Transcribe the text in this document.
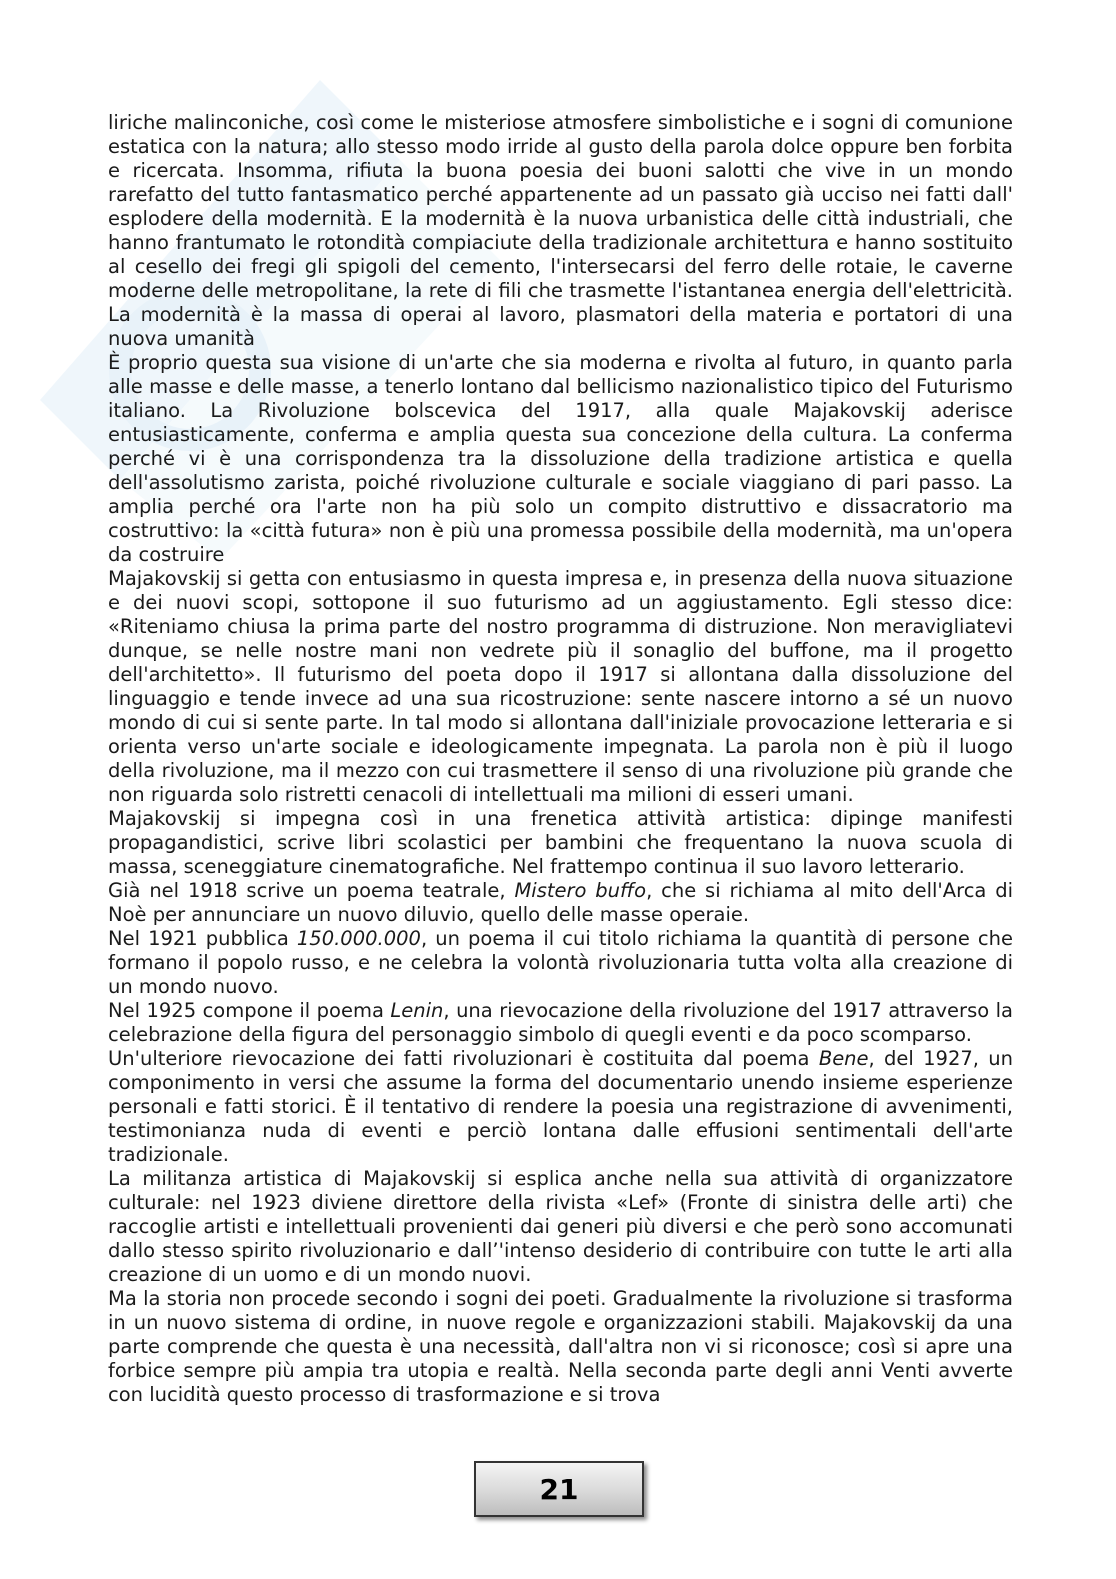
liriche malinconiche, così come le misteriose atmosfere simbolistiche e i sogni di comunione estatica con la natura; allo stesso modo irride al gusto della parola dolce oppure ben forbita e ricercata. Insomma, rifiuta la buona poesia dei buoni salotti che vive in un mondo rarefatto del tutto fantasmatico perché appartenente ad un passato già ucciso nei fatti dall' esplodere della modernità. E la modernità è la nuova urbanistica delle città industriali, che hanno frantumato le rotondità compiaciute della tradizionale architettura e hanno sostituito al cesello dei fregi gli spigoli del cemento, l'intersecarsi del ferro delle rotaie, le caverne moderne delle metropolitane, la rete di fili che trasmette l'istantanea energia dell'elettricità. La modernità è la massa di operai al lavoro, plasmatori della materia e portatori di una nuova umanità

È proprio questa sua visione di un'arte che sia moderna e rivolta al futuro, in quanto parla alle masse e delle masse, a tenerlo lontano dal bellicismo nazionalistico tipico del Futurismo italiano. La Rivoluzione bolscevica del 1917, alla quale Majakovskij aderisce entusiasticamente, conferma e amplia questa sua concezione della cultura. La conferma perché vi è una corrispondenza tra la dissoluzione della tradizione artistica e quella dell'assolutismo zarista, poiché rivoluzione culturale e sociale viaggiano di pari passo. La amplia perché ora l'arte non ha più solo un compito distruttivo e dissacratorio ma costruttivo: la «città futura» non è più una promessa possibile della modernità, ma un'opera da costruire

Majakovskij si getta con entusiasmo in questa impresa e, in presenza della nuova situazione e dei nuovi scopi, sottopone il suo futurismo ad un aggiustamento. Egli stesso dice: «Riteniamo chiusa la prima parte del nostro programma di distruzione. Non meravigliatevi dunque, se nelle nostre mani non vedrete più il sonaglio del buffone, ma il progetto dell'architetto». Il futurismo del poeta dopo il 1917 si allontana dalla dissoluzione del linguaggio e tende invece ad una sua ricostruzione: sente nascere intorno a sé un nuovo mondo di cui si sente parte. In tal modo si allontana dall'iniziale provocazione letteraria e si orienta verso un'arte sociale e ideologicamente impegnata. La parola non è più il luogo della rivoluzione, ma il mezzo con cui trasmettere il senso di una rivoluzione più grande che non riguarda solo ristretti cenacoli di intellettuali ma milioni di esseri umani.

Majakovskij si impegna così in una frenetica attività artistica: dipinge manifesti propagandistici, scrive libri scolastici per bambini che frequentano la nuova scuola di massa, sceneggiature cinematografiche. Nel frattempo continua il suo lavoro letterario.

Già nel 1918 scrive un poema teatrale, Mistero buffo, che si richiama al mito dell'Arca di Noè per annunciare un nuovo diluvio, quello delle masse operaie.

Nel 1921 pubblica 150.000.000, un poema il cui titolo richiama la quantità di persone che formano il popolo russo, e ne celebra la volontà rivoluzionaria tutta volta alla creazione di un mondo nuovo.

Nel 1925 compone il poema Lenin, una rievocazione della rivoluzione del 1917 attraverso la celebrazione della figura del personaggio simbolo di quegli eventi e da poco scomparso.

Un'ulteriore rievocazione dei fatti rivoluzionari è costituita dal poema Bene, del 1927, un componimento in versi che assume la forma del documentario unendo insieme esperienze personali e fatti storici. È il tentativo di rendere la poesia una registrazione di avvenimenti, testimonianza nuda di eventi e perciò lontana dalle effusioni sentimentali dell'arte tradizionale.

La militanza artistica di Majakovskij si esplica anche nella sua attività di organizzatore culturale: nel 1923 diviene direttore della rivista «Lef» (Fronte di sinistra delle arti) che raccoglie artisti e intellettuali provenienti dai generi più diversi e che però sono accomunati dallo stesso spirito rivoluzionario e dall’'intenso desiderio di contribuire con tutte le arti alla creazione di un uomo e di un mondo nuovi.

Ma la storia non procede secondo i sogni dei poeti. Gradualmente la rivoluzione si trasforma in un nuovo sistema di ordine, in nuove regole e organizzazioni stabili. Majakovskij da una parte comprende che questa è una necessità, dall'altra non vi si riconosce; così si apre una forbice sempre più ampia tra utopia e realtà. Nella seconda parte degli anni Venti avverte con lucidità questo processo di trasformazione e si trova

21
